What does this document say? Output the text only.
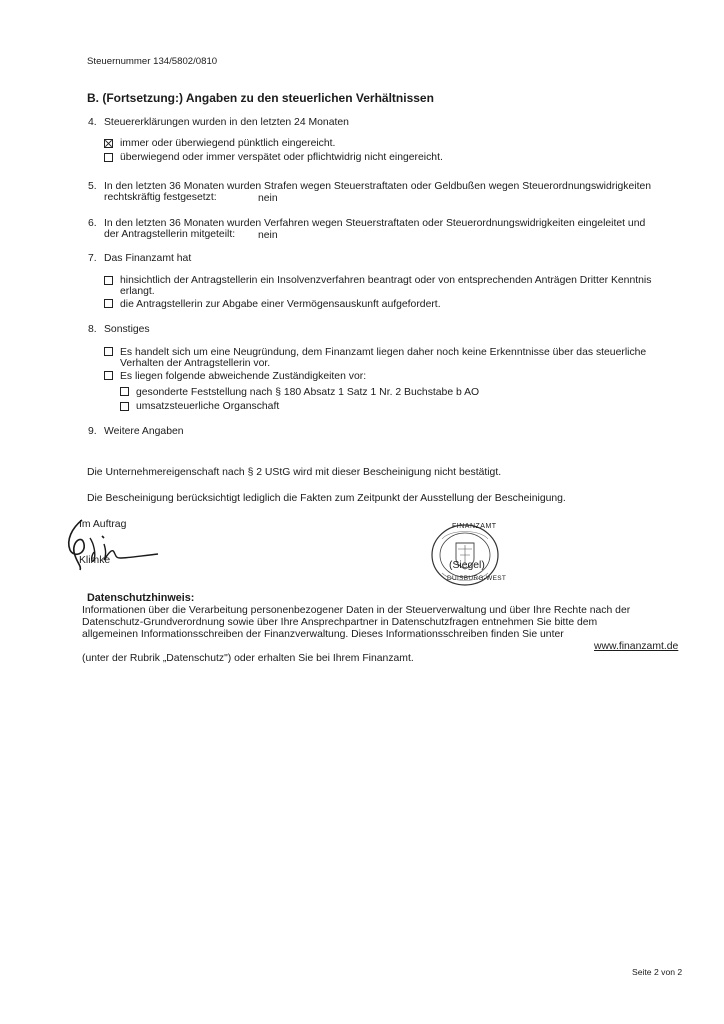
Steuernummer 134/5802/0810
B. (Fortsetzung:) Angaben zu den steuerlichen Verhältnissen
4. Steuererklärungen wurden in den letzten 24 Monaten
immer oder überwiegend pünktlich eingereicht.
überwiegend oder immer verspätet oder pflichtwidrig nicht eingereicht.
5. In den letzten 36 Monaten wurden Strafen wegen Steuerstraftaten oder Geldbußen wegen Steuerordnungswidrigkeiten
rechtskräftig festgesetzt:	nein
6. In den letzten 36 Monaten wurden Verfahren wegen Steuerstraftaten oder Steuerordnungswidrigkeiten eingeleitet und
der Antragstellerin mitgeteilt: nein
7. Das Finanzamt hat
hinsichtlich der Antragstellerin ein Insolvenzverfahren beantragt oder von entsprechenden Anträgen Dritter Kenntnis
erlangt.
die Antragstellerin zur Abgabe einer Vermögensauskunft aufgefordert.
8. Sonstiges
Es handelt sich um eine Neugründung, dem Finanzamt liegen daher noch keine Erkenntnisse über das steuerliche
Verhalten der Antragstellerin vor.
Es liegen folgende abweichende Zuständigkeiten vor:
gesonderte Feststellung nach § 180 Absatz 1 Satz 1 Nr. 2 Buchstabe b AO
umsatzsteuerliche Organschaft
9. Weitere Angaben
Die Unternehmereigenschaft nach § 2 UStG wird mit dieser Bescheinigung nicht bestätigt.
Die Bescheinigung berücksichtigt lediglich die Fakten zum Zeitpunkt der Ausstellung der Bescheinigung.
Im Auftrag
Klimke
FINANZAMT
DUISBURG-WEST
(Siegel)
Datenschutzhinweis:
Informationen über die Verarbeitung personenbezogener Daten in der Steuerverwaltung und über Ihre Rechte nach der
Datenschutz-Grundverordnung sowie über Ihre Ansprechpartner in Datenschutzfragen entnehmen Sie bitte dem
allgemeinen Informationsschreiben der Finanzverwaltung. Dieses Informationsschreiben finden Sie unter
www.finanzamt.de
(unter der Rubrik „Datenschutz") oder erhalten Sie bei Ihrem Finanzamt.
Seite 2 von 2
